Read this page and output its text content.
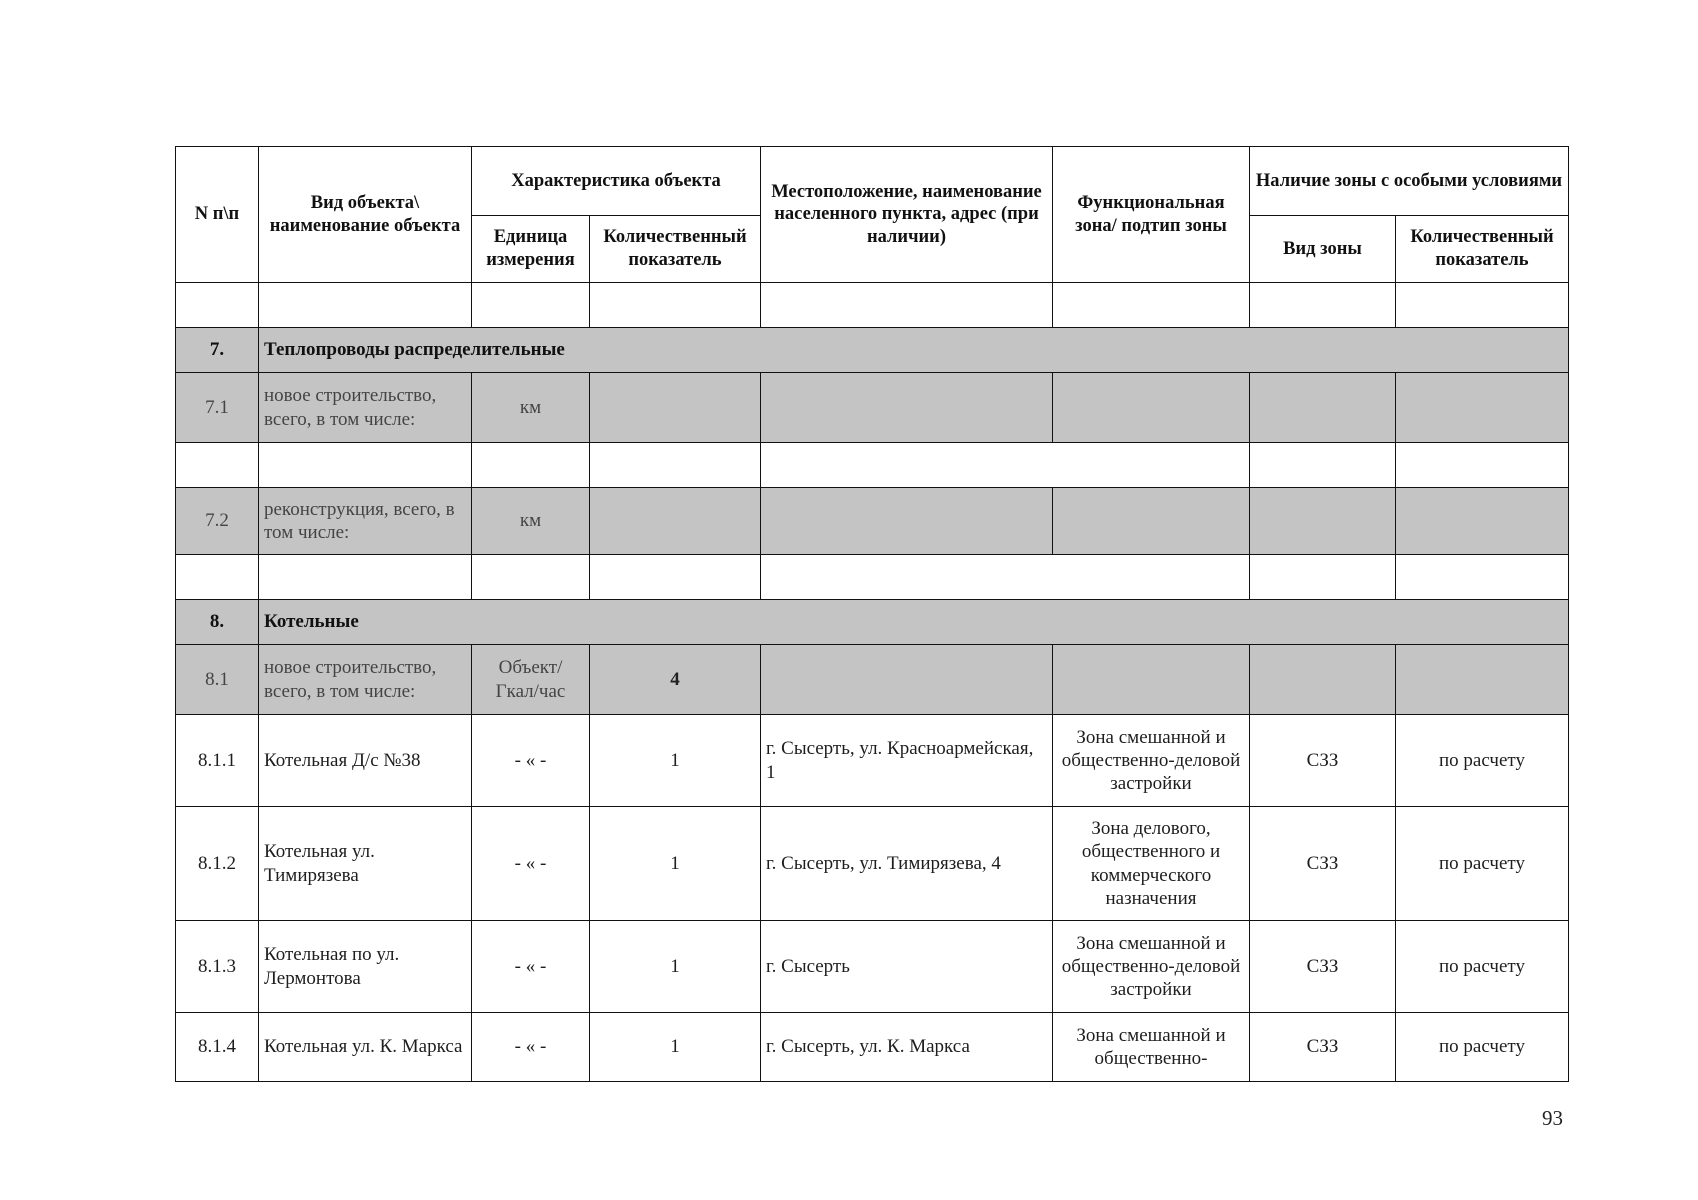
N п\п	Вид объекта\ наименование объекта	Характеристика объекта		Местоположение, наименование населенного пункта, адрес (при наличии)	Функциональная зона/ подтип зоны	Наличие зоны с особыми условиями	
		Единица измерения	Количественный показатель			Вид зоны	Количественный показатель

7.	Теплопроводы распределительные						
7.1	новое строительство, всего, в том числе:	км					

7.2	реконструкция, всего, в том числе:	км					

8.	Котельные						
8.1	новое строительство, всего, в том числе:	Объект/ Гкал/час	4				
8.1.1	Котельная Д/с №38	- « -	1	г. Сысерть, ул. Красноармейская, 1	Зона смешанной и общественно-деловой застройки	СЗЗ	по расчету
8.1.2	Котельная ул. Тимирязева	- « -	1	г. Сысерть, ул. Тимирязева, 4	Зона делового, общественного и коммерческого назначения	СЗЗ	по расчету
8.1.3	Котельная по ул. Лермонтова	- « -	1	г. Сысерть	Зона смешанной и общественно-деловой застройки	СЗЗ	по расчету
8.1.4	Котельная ул. К. Маркса	- « -	1	г. Сысерть, ул. К. Маркса	Зона смешанной и общественно-	СЗЗ	по расчету
93
